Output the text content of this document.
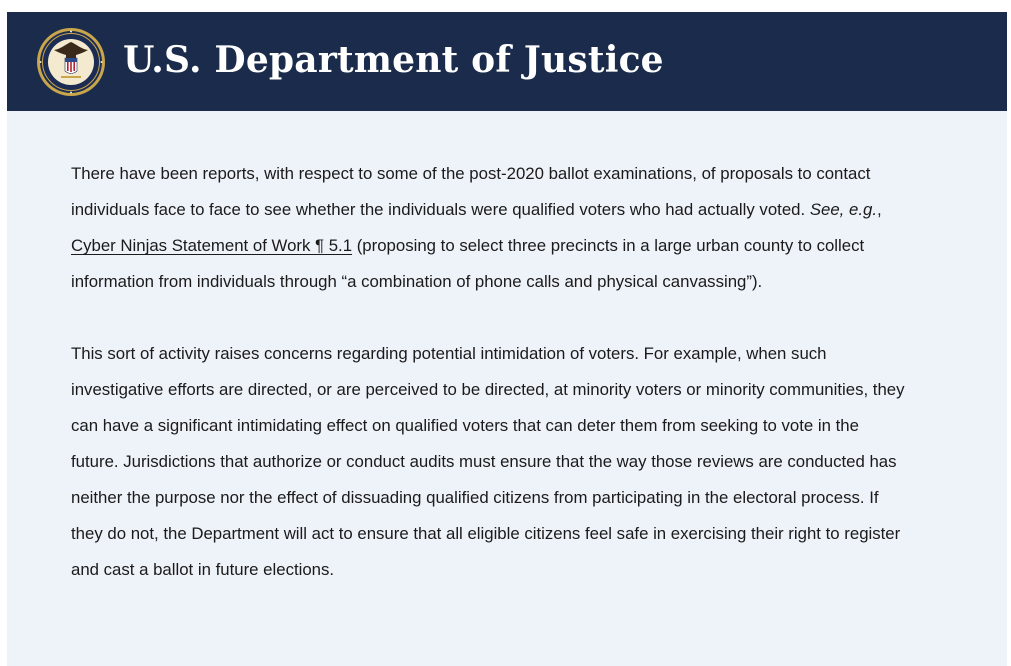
U.S. Department of Justice

There have been reports, with respect to some of the post-2020 ballot examinations, of proposals to contact individuals face to face to see whether the individuals were qualified voters who had actually voted. See, e.g., Cyber Ninjas Statement of Work ¶ 5.1 (proposing to select three precincts in a large urban county to collect information from individuals through “a combination of phone calls and physical canvassing”).

This sort of activity raises concerns regarding potential intimidation of voters. For example, when such investigative efforts are directed, or are perceived to be directed, at minority voters or minority communities, they can have a significant intimidating effect on qualified voters that can deter them from seeking to vote in the future. Jurisdictions that authorize or conduct audits must ensure that the way those reviews are conducted has neither the purpose nor the effect of dissuading qualified citizens from participating in the electoral process. If they do not, the Department will act to ensure that all eligible citizens feel safe in exercising their right to register and cast a ballot in future elections.
